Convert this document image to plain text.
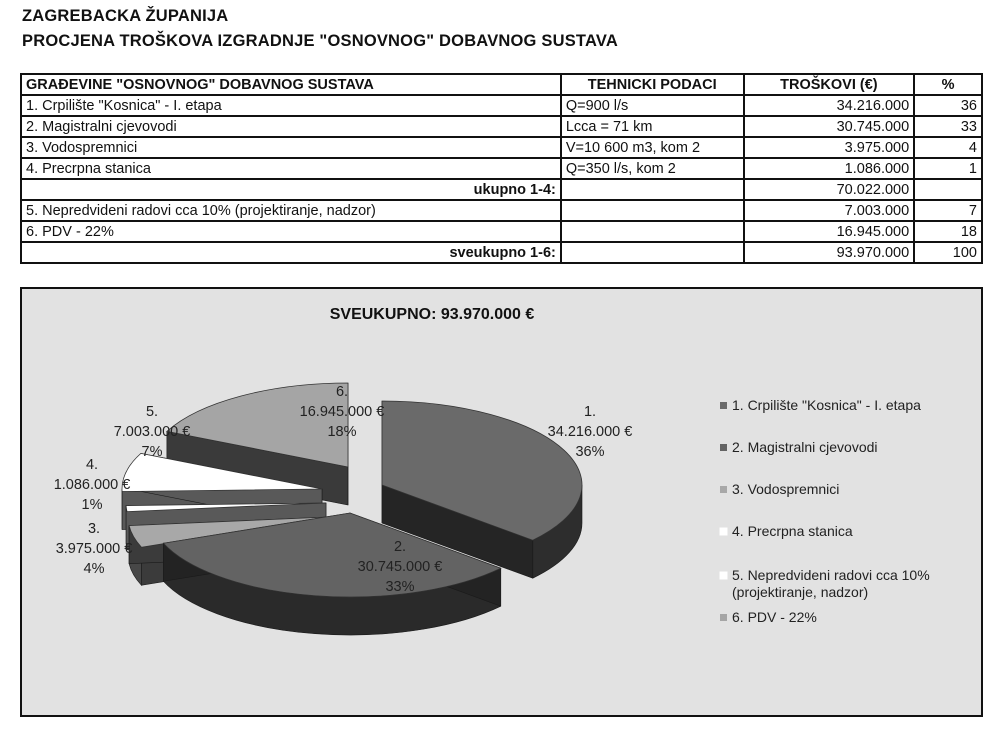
ZAGREBACKA ŽUPANIJA
PROCJENA TROŠKOVA IZGRADNJE "OSNOVNOG" DOBAVNOG SUSTAVA
GRAĐEVINE "OSNOVNOG" DOBAVNOG SUSTAVA	TEHNICKI PODACI	TROŠKOVI (€)	%
1. Crpilište "Kosnica" - I. etapa	Q=900 l/s	34.216.000	36
2. Magistralni cjevovodi	Lcca = 71 km	30.745.000	33
3. Vodospremnici	V=10 600 m3, kom 2	3.975.000	4
4. Precrpna stanica	Q=350 l/s, kom 2	1.086.000	1
ukupno 1-4:		70.022.000	
5. Nepredvideni radovi cca 10% (projektiranje, nadzor)		7.003.000	7
6. PDV - 22%		16.945.000	18
sveukupno 1-6:		93.970.000	100
SVEUKUPNO: 93.970.000 €
1.
34.216.000 €
36%
2.
30.745.000 €
33%
3.
3.975.000 €
4%
4.
1.086.000 €
1%
5.
7.003.000 €
7%
6.
16.945.000 €
18%
1. Crpilište "Kosnica" - I. etapa
2. Magistralni cjevovodi
3. Vodospremnici
4. Precrpna stanica
5. Nepredvideni radovi cca 10%
(projektiranje, nadzor)
6. PDV - 22%
